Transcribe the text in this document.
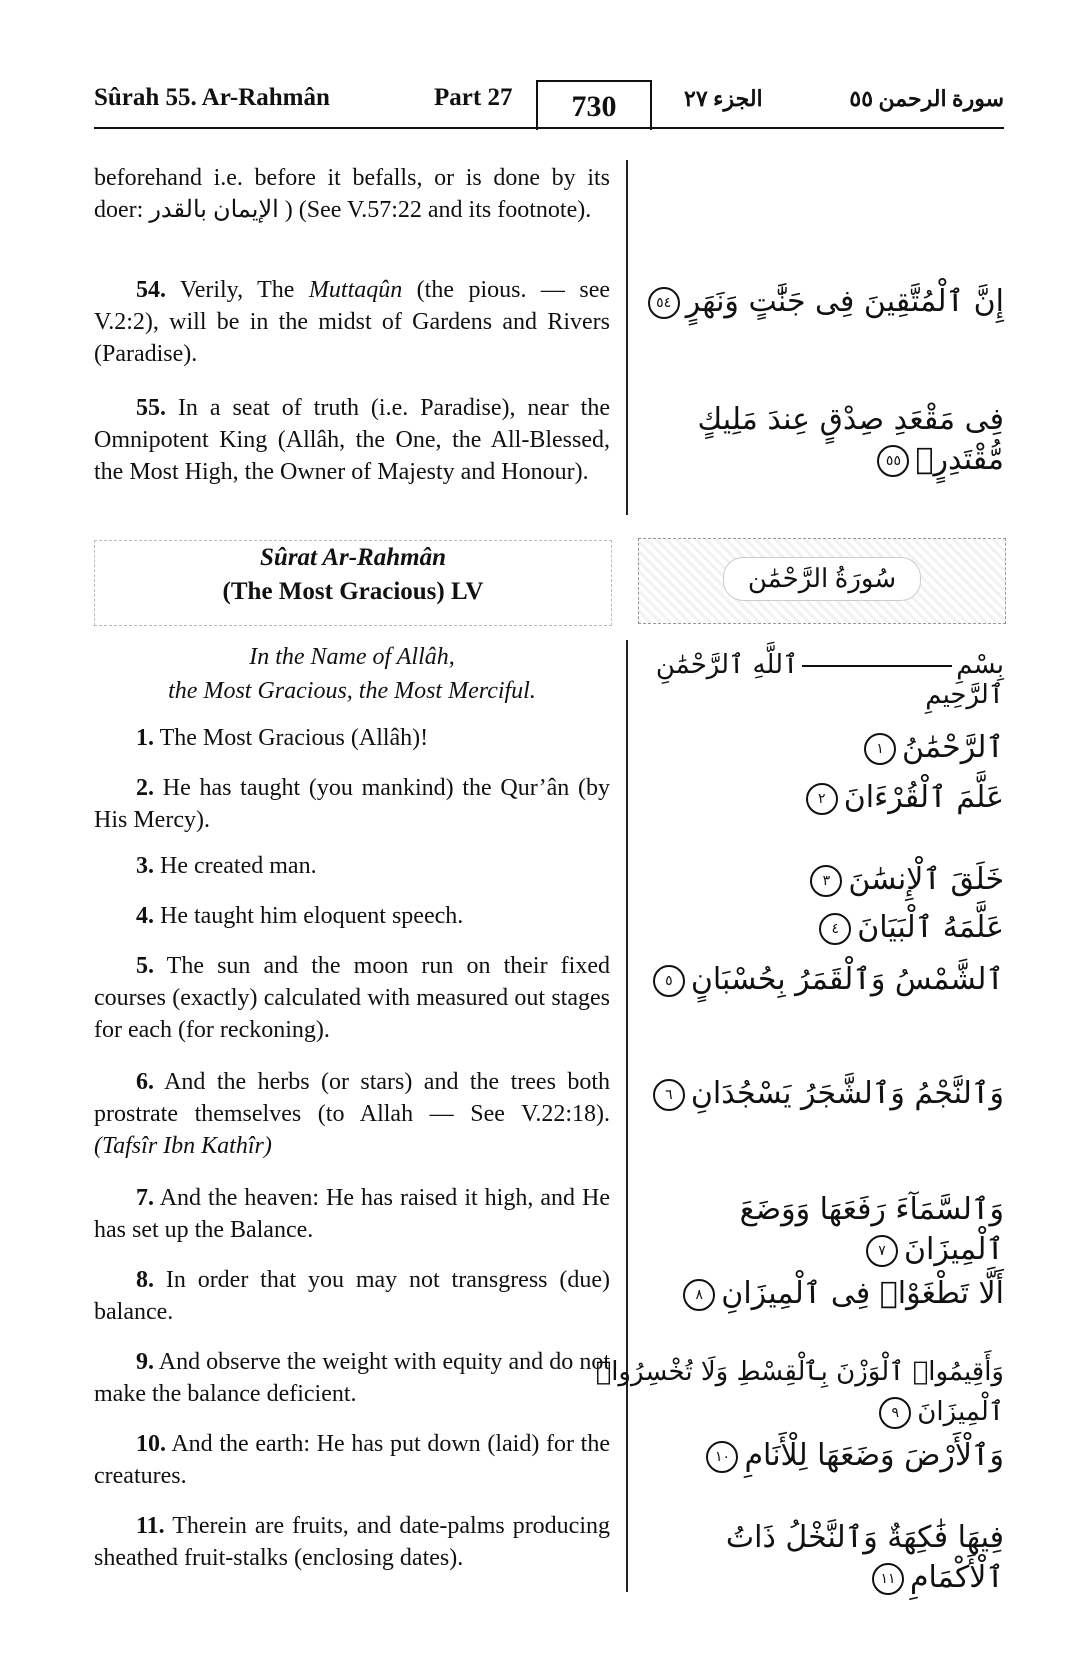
Sûrah 55. Ar-Rahmân	Part 27	730	الجزء ٢٧	سورة الرحمن ٥٥
beforehand i.e. before it befalls, or is done by its doer: الإيمان بالقدر ) (See V.57:22 and its footnote).
54. Verily, The Muttaqûn (the pious. — see V.2:2), will be in the midst of Gardens and Rivers (Paradise).
إِنَّ ٱلْمُتَّقِينَ فِى جَنَّٰتٍ وَنَهَرٍ٥٤
55. In a seat of truth (i.e. Paradise), near the Omnipotent King (Allâh, the One, the All-Blessed, the Most High, the Owner of Majesty and Honour).
فِى مَقْعَدِ صِدْقٍ عِندَ مَلِيكٍ مُّقْتَدِرٍۭ٥٥
Sûrat Ar-Rahmân
(The Most Gracious) LV	سُورَةُ الرَّحْمَٰن
In the Name of Allâh,
the Most Gracious, the Most Merciful.
بِسْمِٱللَّهِ ٱلرَّحْمَٰنِ ٱلرَّحِيمِ
1. The Most Gracious (Allâh)!
2. He has taught (you mankind) the Qur’ân (by His Mercy).
3. He created man.
4. He taught him eloquent speech.
5. The sun and the moon run on their fixed courses (exactly) calculated with measured out stages for each (for reckoning).
6. And the herbs (or stars) and the trees both prostrate themselves (to Allah — See V.22:18). (Tafsîr Ibn Kathîr)
7. And the heaven: He has raised it high, and He has set up the Balance.
8. In order that you may not transgress (due) balance.
9. And observe the weight with equity and do not make the balance deficient.
10. And the earth: He has put down (laid) for the creatures.
11. Therein are fruits, and date-palms producing sheathed fruit-stalks (enclosing dates).
ٱلرَّحْمَٰنُ١
عَلَّمَ ٱلْقُرْءَانَ٢
خَلَقَ ٱلْإِنسَٰنَ٣
عَلَّمَهُ ٱلْبَيَانَ٤
ٱلشَّمْسُ وَٱلْقَمَرُ بِحُسْبَانٍ٥
وَٱلنَّجْمُ وَٱلشَّجَرُ يَسْجُدَانِ٦
وَٱلسَّمَآءَ رَفَعَهَا وَوَضَعَ ٱلْمِيزَانَ٧
أَلَّا تَطْغَوْا۟ فِى ٱلْمِيزَانِ٨
وَأَقِيمُوا۟ ٱلْوَزْنَ بِٱلْقِسْطِ وَلَا تُخْسِرُوا۟ ٱلْمِيزَانَ٩
وَٱلْأَرْضَ وَضَعَهَا لِلْأَنَامِ١٠
فِيهَا فَٰكِهَةٌ وَٱلنَّخْلُ ذَاتُ ٱلْأَكْمَامِ١١
